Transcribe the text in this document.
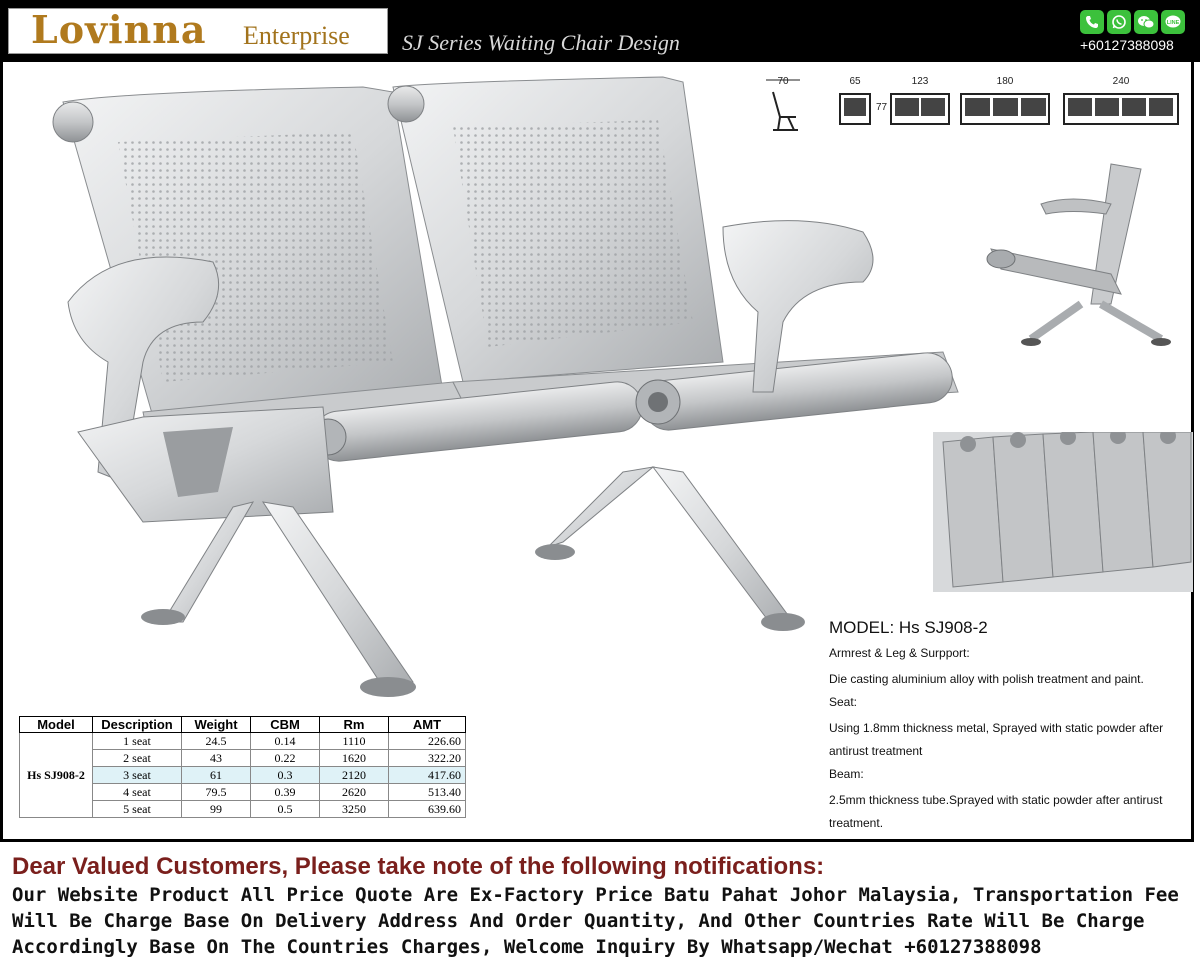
Lovinna Enterprise SJ Series Waiting Chair Design
LINE
+60127388098
70	65
77
123	180	240
MODEL: Hs SJ908-2
Armrest & Leg & Surpport:
Die casting aluminium alloy with polish treatment and paint.
Seat:
Using 1.8mm thickness metal, Sprayed with static powder after antirust treatment
Beam:
2.5mm thickness tube.Sprayed with static powder after antirust treatment.
Model	Description	Weight	CBM	Rm	AMT
Hs SJ908-2	1 seat	24.5	0.14	1110	226.60
	2 seat	43	0.22	1620	322.20
	3 seat	61	0.3	2120	417.60
	4 seat	79.5	0.39	2620	513.40
	5 seat	99	0.5	3250	639.60
Dear Valued Customers, Please take note of the following notifications:
Our Website Product All Price Quote Are Ex-Factory Price Batu Pahat Johor Malaysia, Transportation Fee
Will Be Charge Base On Delivery Address And Order Quantity, And Other Countries Rate Will Be Charge
Accordingly Base On The Countries Charges, Welcome Inquiry By Whatsapp/Wechat +60127388098
